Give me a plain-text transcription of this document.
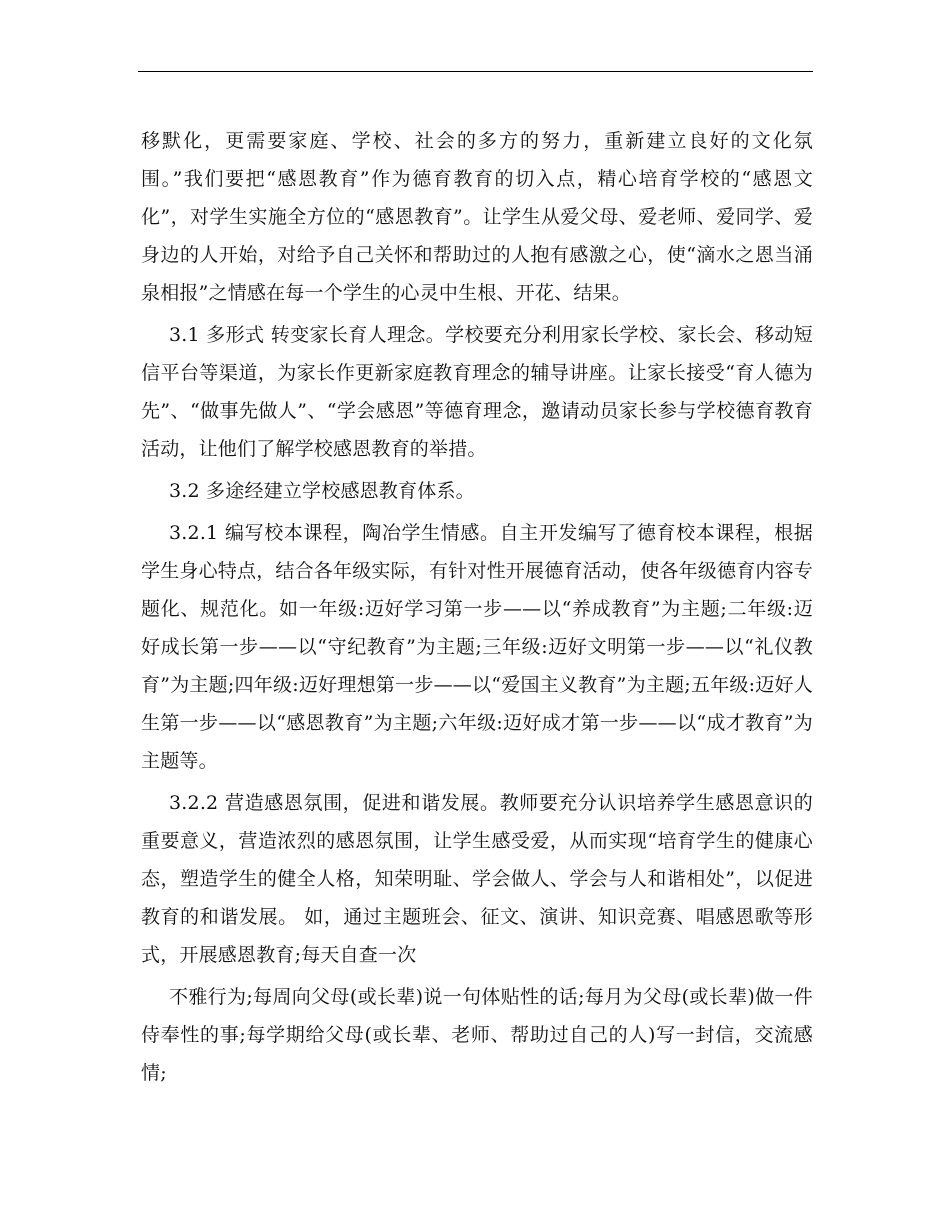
移默化，更需要家庭、学校、社会的多方的努力，重新建立良好的文化氛围。”我们要把“感恩教育”作为德育教育的切入点，精心培育学校的“感恩文化”，对学生实施全方位的“感恩教育”。让学生从爱父母、爱老师、爱同学、爱身边的人开始，对给予自己关怀和帮助过的人抱有感激之心，使“滴水之恩当涌泉相报”之情感在每一个学生的心灵中生根、开花、结果。

3.1 多形式 转变家长育人理念。学校要充分利用家长学校、家长会、移动短信平台等渠道，为家长作更新家庭教育理念的辅导讲座。让家长接受“育人德为先”、“做事先做人”、“学会感恩”等德育理念，邀请动员家长参与学校德育教育活动，让他们了解学校感恩教育的举措。

3.2 多途经建立学校感恩教育体系。

3.2.1 编写校本课程，陶冶学生情感。自主开发编写了德育校本课程，根据学生身心特点，结合各年级实际，有针对性开展德育活动，使各年级德育内容专题化、规范化。如一年级:迈好学习第一步——以“养成教育”为主题;二年级:迈好成长第一步——以“守纪教育”为主题;三年级:迈好文明第一步——以“礼仪教育”为主题;四年级:迈好理想第一步——以“爱国主义教育”为主题;五年级:迈好人生第一步——以“感恩教育”为主题;六年级:迈好成才第一步——以“成才教育”为主题等。

3.2.2 营造感恩氛围，促进和谐发展。教师要充分认识培养学生感恩意识的重要意义，营造浓烈的感恩氛围，让学生感受爱，从而实现“培育学生的健康心态，塑造学生的健全人格，知荣明耻、学会做人、学会与人和谐相处”，以促进教育的和谐发展。 如，通过主题班会、征文、演讲、知识竞赛、唱感恩歌等形式，开展感恩教育;每天自查一次

不雅行为;每周向父母(或长辈)说一句体贴性的话;每月为父母(或长辈)做一件侍奉性的事;每学期给父母(或长辈、老师、帮助过自己的人)写一封信，交流感情;
